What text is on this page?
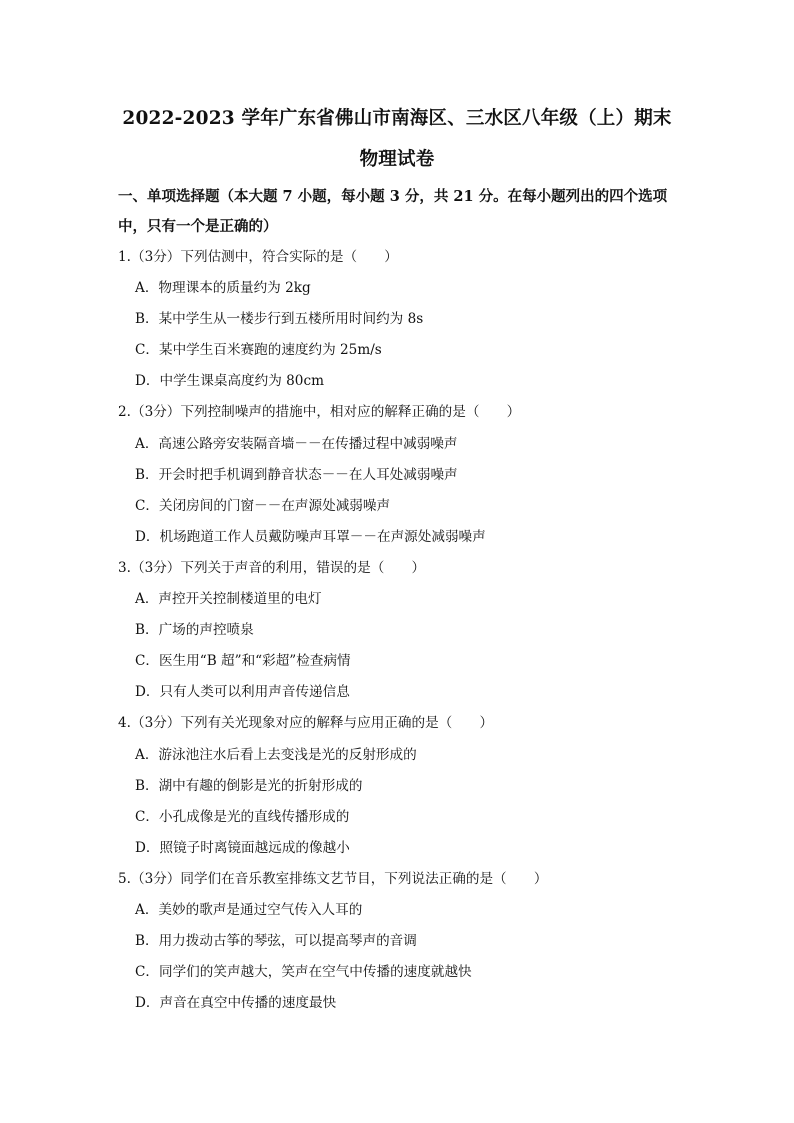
2022-2023 学年广东省佛山市南海区、三水区八年级（上）期末
物理试卷

一、单项选择题（本大题 7 小题，每小题 3 分，共 21 分。在每小题列出的四个选项中，只有一个是正确的）

1.（3分）下列估测中，符合实际的是（　　）
A．物理课本的质量约为 2kg
B．某中学生从一楼步行到五楼所用时间约为 8s
C．某中学生百米赛跑的速度约为 25m/s
D．中学生课桌高度约为 80cm
2.（3分）下列控制噪声的措施中，相对应的解释正确的是（　　）
A．高速公路旁安装隔音墙－－在传播过程中减弱噪声
B．开会时把手机调到静音状态－－在人耳处减弱噪声
C．关闭房间的门窗－－在声源处减弱噪声
D．机场跑道工作人员戴防噪声耳罩－－在声源处减弱噪声
3.（3分）下列关于声音的利用，错误的是（　　）
A．声控开关控制楼道里的电灯
B．广场的声控喷泉
C．医生用“B 超”和“彩超”检查病情
D．只有人类可以利用声音传递信息
4.（3分）下列有关光现象对应的解释与应用正确的是（　　）
A．游泳池注水后看上去变浅是光的反射形成的
B．湖中有趣的倒影是光的折射形成的
C．小孔成像是光的直线传播形成的
D．照镜子时离镜面越远成的像越小
5.（3分）同学们在音乐教室排练文艺节目，下列说法正确的是（　　）
A．美妙的歌声是通过空气传入人耳的
B．用力拨动古筝的琴弦，可以提高琴声的音调
C．同学们的笑声越大，笑声在空气中传播的速度就越快
D．声音在真空中传播的速度最快
